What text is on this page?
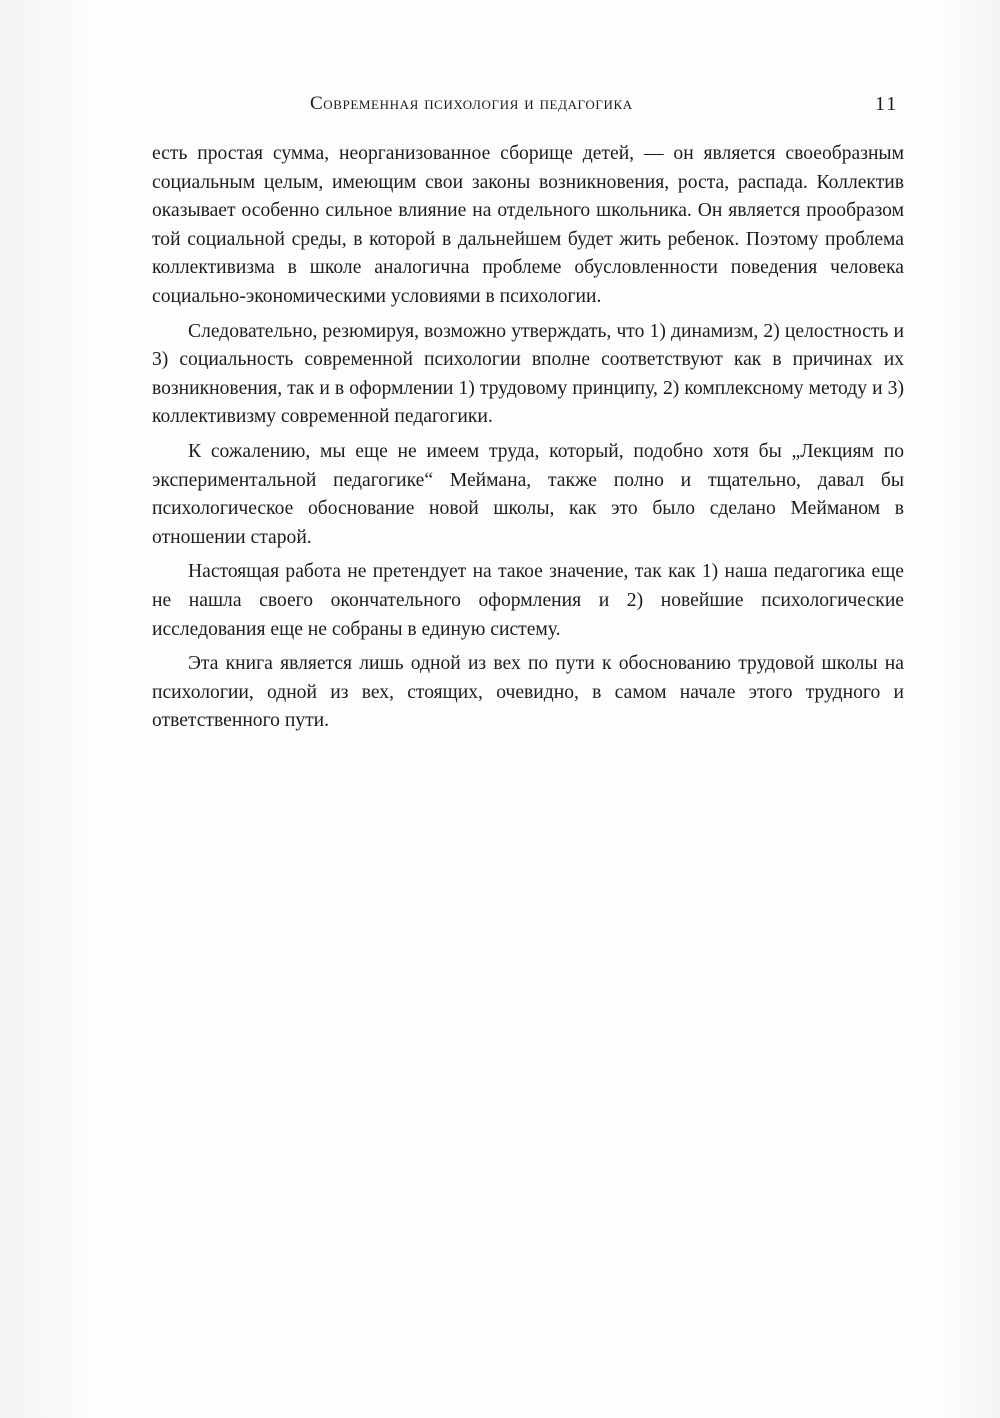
Современная психология и педагогика	11

есть простая сумма, неорганизованное сборище детей, — он является своеобразным социальным целым, имеющим свои законы возникновения, роста, распада. Коллектив оказывает особенно сильное влияние на отдельного школьника. Он является прообразом той социальной среды, в которой в дальнейшем будет жить ребенок. Поэтому проблема коллективизма в школе аналогична проблеме обусловленности поведения человека социально-экономическими условиями в психологии.

Следовательно, резюмируя, возможно утверждать, что 1) динамизм, 2) целостность и 3) социальность современной психологии вполне соответствуют как в причинах их возникновения, так и в оформлении 1) трудовому принципу, 2) комплексному методу и 3) коллективизму современной педагогики.

К сожалению, мы еще не имеем труда, который, подобно хотя бы „Лекциям по экспериментальной педагогике“ Меймана, также полно и тщательно, давал бы психологическое обоснование новой школы, как это было сделано Мейманом в отношении старой.

Настоящая работа не претендует на такое значение, так как 1) наша педагогика еще не нашла своего окончательного оформления и 2) новейшие психологические исследования еще не собраны в единую систему.

Эта книга является лишь одной из вех по пути к обоснованию трудовой школы на психологии, одной из вех, стоящих, очевидно, в самом начале этого трудного и ответственного пути.
